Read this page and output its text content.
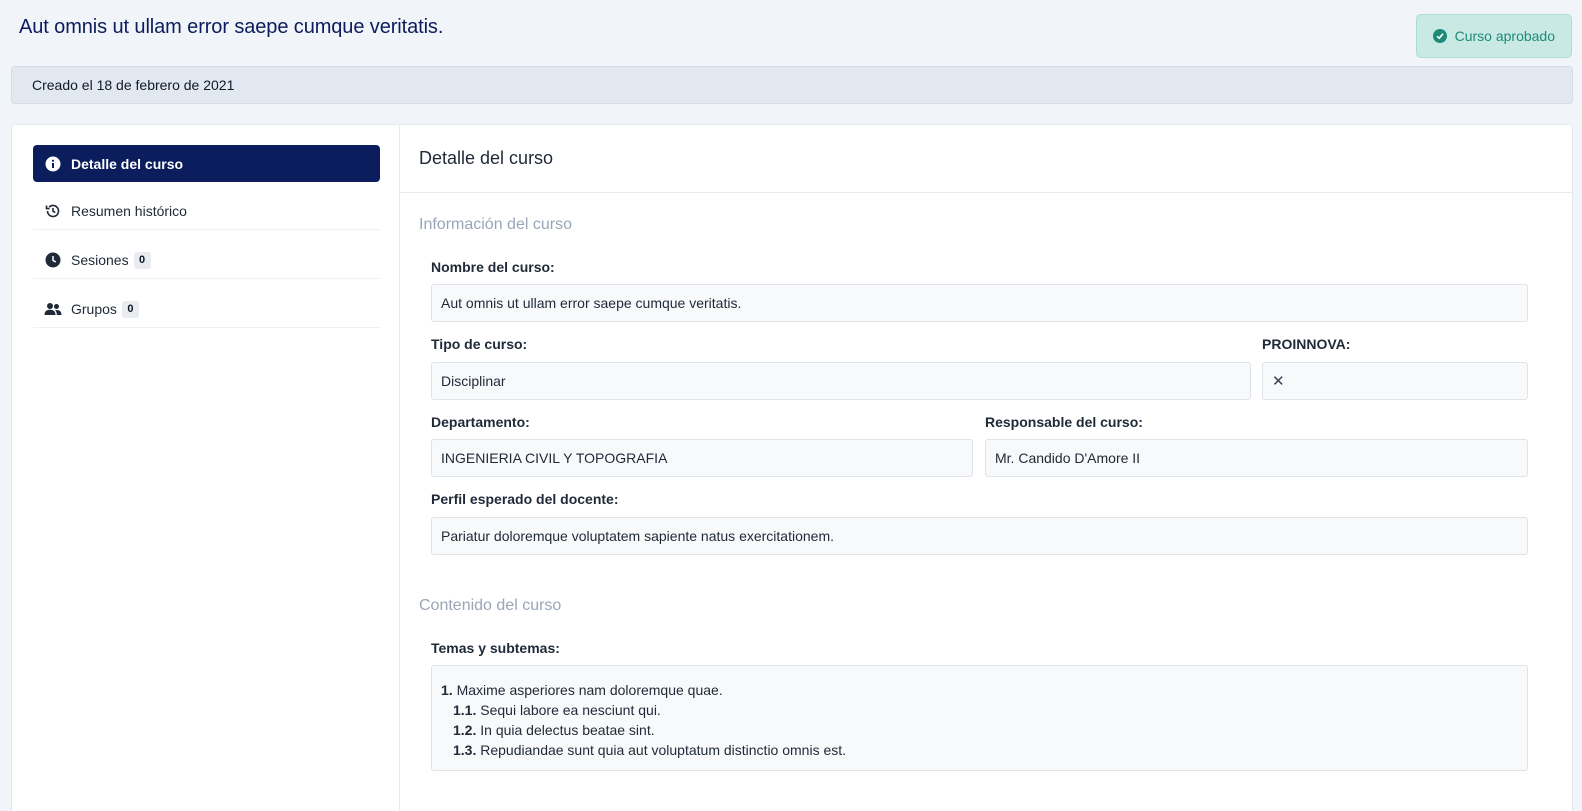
Aut omnis ut ullam error saepe cumque veritatis.	Curso aprobado
Creado el 18 de febrero de 2021
Detalle del curso
Resumen histórico
Sesiones 0
Grupos 0
Detalle del curso
Información del curso
Nombre del curso:
Aut omnis ut ullam error saepe cumque veritatis.
Tipo de curso:
Disciplinar
PROINNOVA:
✕
Departamento:
INGENIERIA CIVIL Y TOPOGRAFIA
Responsable del curso:
Mr. Candido D'Amore II
Perfil esperado del docente:
Pariatur doloremque voluptatem sapiente natus exercitationem.
Contenido del curso
Temas y subtemas:
1. Maxime asperiores nam doloremque quae.
1.1. Sequi labore ea nesciunt qui.
1.2. In quia delectus beatae sint.
1.3. Repudiandae sunt quia aut voluptatum distinctio omnis est.
